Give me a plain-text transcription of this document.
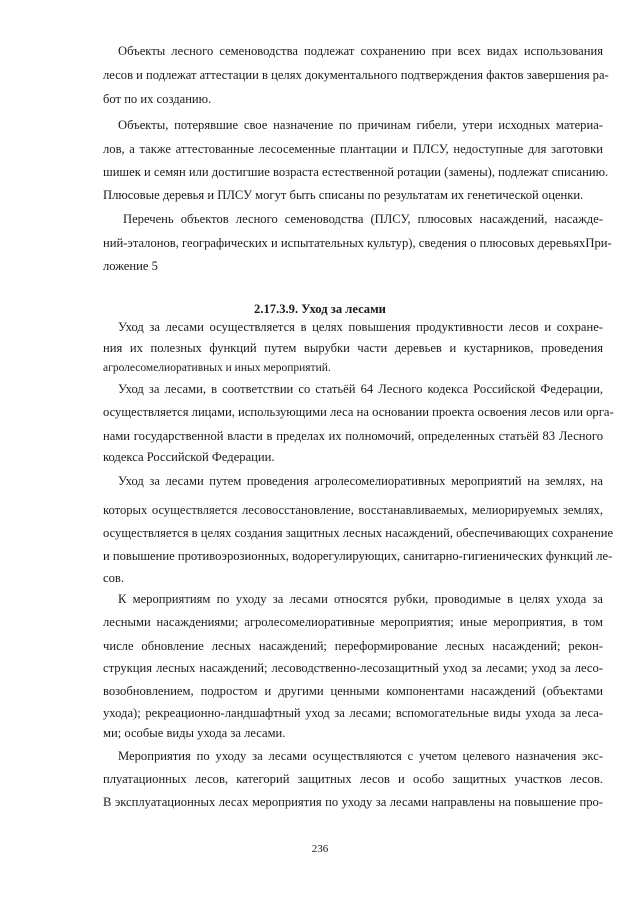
Объекты лесного семеноводства подлежат сохранению при всех видах использования
лесов и подлежат аттестации в целях документального подтверждения фактов завершения ра-
бот по их созданию.
Объекты, потерявшие свое назначение по причинам гибели, утери исходных материа-
лов, а также аттестованные лесосеменные плантации и ПЛСУ, недоступные для заготовки
шишек и семян или достигшие возраста естественной ротации (замены), подлежат списанию.
Плюсовые деревья и ПЛСУ могут быть списаны по результатам их генетической оценки.
Перечень объектов лесного семеноводства (ПЛСУ, плюсовых насаждений, насажде-
ний-эталонов, географических и испытательных культур), сведения о плюсовых деревьяхПри-
ложение 5
2.17.3.9. Уход за лесами
Уход за лесами осуществляется в целях повышения продуктивности лесов и сохране-
ния их полезных функций путем вырубки части деревьев и кустарников, проведения
агролесомелиоративных и иных мероприятий.
Уход за лесами, в соответствии со статьёй 64 Лесного кодекса Российской Федерации,
осуществляется лицами, использующими леса на основании проекта освоения лесов или орга-
нами государственной власти в пределах их полномочий, определенных статьёй 83 Лесного
кодекса Российской Федерации.
Уход за лесами путем проведения агролесомелиоративных мероприятий на землях, на
которых осуществляется лесовосстановление, восстанавливаемых, мелиорируемых землях,
осуществляется в целях создания защитных лесных насаждений, обеспечивающих сохранение
и повышение противоэрозионных, водорегулирующих, санитарно-гигиенических функций ле-
сов.
К мероприятиям по уходу за лесами относятся рубки, проводимые в целях ухода за
лесными насаждениями; агролесомелиоративные мероприятия; иные мероприятия, в том
числе обновление лесных насаждений; переформирование лесных насаждений; рекон-
струкция лесных насаждений; лесоводственно-лесозащитный уход за лесами; уход за лесо-
возобновлением, подростом и другими ценными компонентами насаждений (объектами
ухода); рекреационно-ландшафтный уход за лесами; вспомогательные виды ухода за леса-
ми; особые виды ухода за лесами.
Мероприятия по уходу за лесами осуществляются с учетом целевого назначения экс-
плуатационных лесов, категорий защитных лесов и особо защитных участков лесов.
В эксплуатационных лесах мероприятия по уходу за лесами направлены на повышение про-
236
